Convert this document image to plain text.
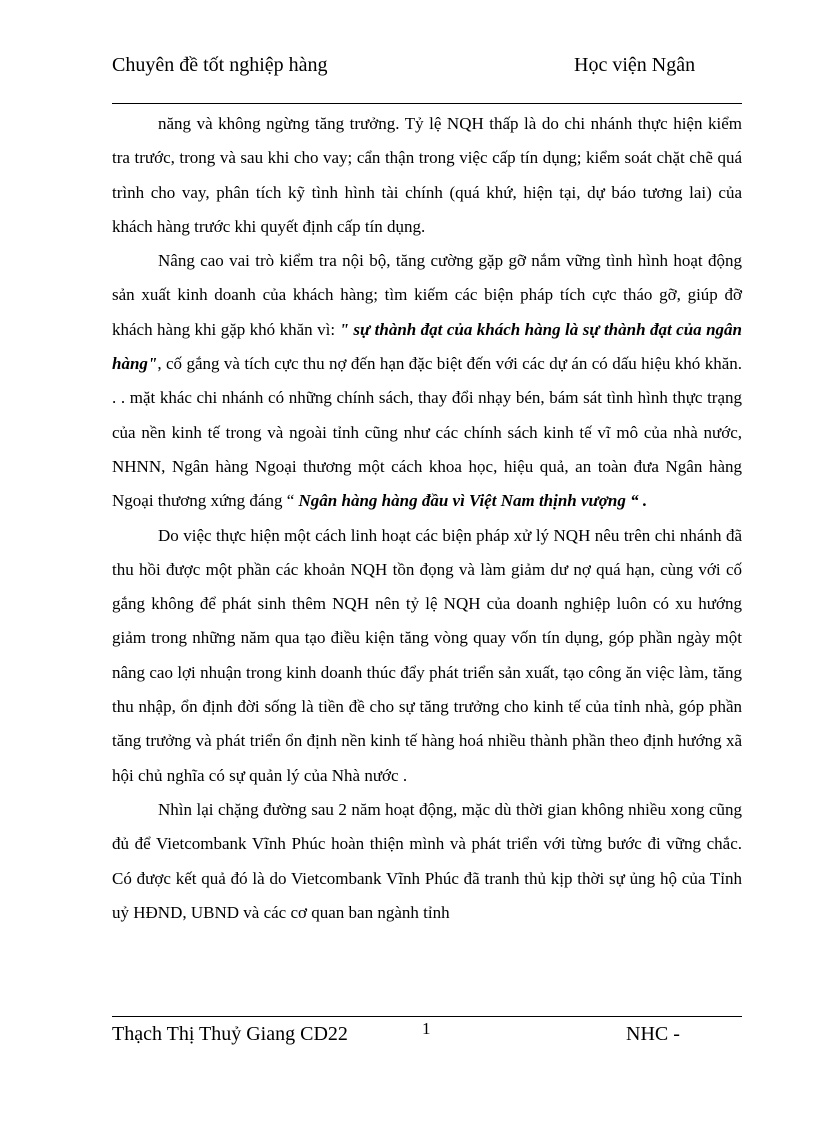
Chuyên đề tốt nghiệp hàng	Học viện Ngân

năng và không ngừng tăng trưởng. Tỷ lệ NQH thấp là do chi nhánh thực hiện kiểm tra trước, trong và sau khi cho vay; cẩn thận trong việc cấp tín dụng; kiểm soát chặt chẽ quá trình cho vay, phân tích kỹ tình hình tài chính (quá khứ, hiện tại, dự báo tương lai) của khách hàng trước khi quyết định cấp tín dụng.

Nâng cao vai trò kiểm tra nội bộ, tăng cường gặp gỡ nắm vững tình hình hoạt động sản xuất kinh doanh của khách hàng; tìm kiếm các biện pháp tích cực tháo gỡ, giúp đỡ khách hàng khi gặp khó khăn vì: " sự thành đạt của khách hàng là sự thành đạt của ngân hàng", cố gắng và tích cực thu nợ đến hạn đặc biệt đến với các dự án có dấu hiệu khó khăn. . . mặt khác chi nhánh có những chính sách, thay đổi nhạy bén, bám sát tình hình thực trạng của nền kinh tế trong và ngoài tỉnh cũng như các chính sách kinh tế vĩ mô của nhà nước, NHNN, Ngân hàng Ngoại thương một cách khoa học, hiệu quả, an toàn đưa Ngân hàng Ngoại thương xứng đáng “ Ngân hàng hàng đầu vì Việt Nam thịnh vượng “ .

Do việc thực hiện một cách linh hoạt các biện pháp xử lý NQH nêu trên chi nhánh đã thu hồi được một phần các khoản NQH tồn đọng và làm giảm dư nợ quá hạn, cùng với cố gắng không để phát sinh thêm NQH nên tỷ lệ NQH của doanh nghiệp luôn có xu hướng giảm trong những năm qua tạo điều kiện tăng vòng quay vốn tín dụng, góp phần ngày một nâng cao lợi nhuận trong kinh doanh thúc đẩy phát triển sản xuất, tạo công ăn việc làm, tăng thu nhập, ổn định đời sống là tiền đề cho sự tăng trưởng cho kinh tế của tỉnh nhà, góp phần tăng trưởng và phát triển ổn định nền kinh tế hàng hoá nhiều thành phần theo định hướng xã hội chủ nghĩa có sự quản lý của Nhà nước .

Nhìn lại chặng đường sau 2 năm hoạt động, mặc dù thời gian không nhiều xong cũng đủ để Vietcombank Vĩnh Phúc hoàn thiện mình và phát triển với từng bước đi vững chắc. Có được kết quả đó là do Vietcombank Vĩnh Phúc đã tranh thủ kịp thời sự ủng hộ của Tỉnh uỷ HĐND, UBND và các cơ quan ban ngành tỉnh

Thạch Thị Thuỷ Giang CD22	1	NHC -
